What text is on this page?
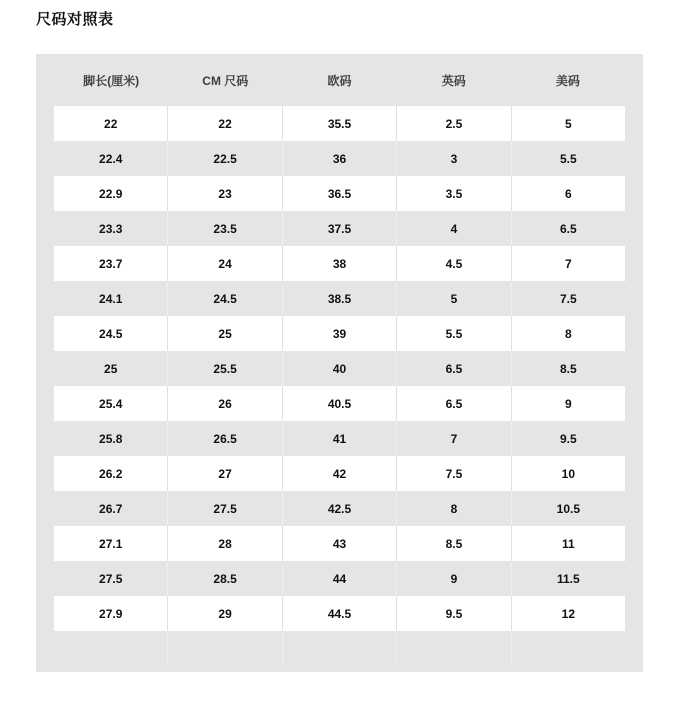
尺码对照表
脚长(厘米)	CM 尺码	欧码	英码	美码
22	22	35.5	2.5	5
22.4	22.5	36	3	5.5
22.9	23	36.5	3.5	6
23.3	23.5	37.5	4	6.5
23.7	24	38	4.5	7
24.1	24.5	38.5	5	7.5
24.5	25	39	5.5	8
25	25.5	40	6.5	8.5
25.4	26	40.5	6.5	9
25.8	26.5	41	7	9.5
26.2	27	42	7.5	10
26.7	27.5	42.5	8	10.5
27.1	28	43	8.5	11
27.5	28.5	44	9	11.5
27.9	29	44.5	9.5	12
